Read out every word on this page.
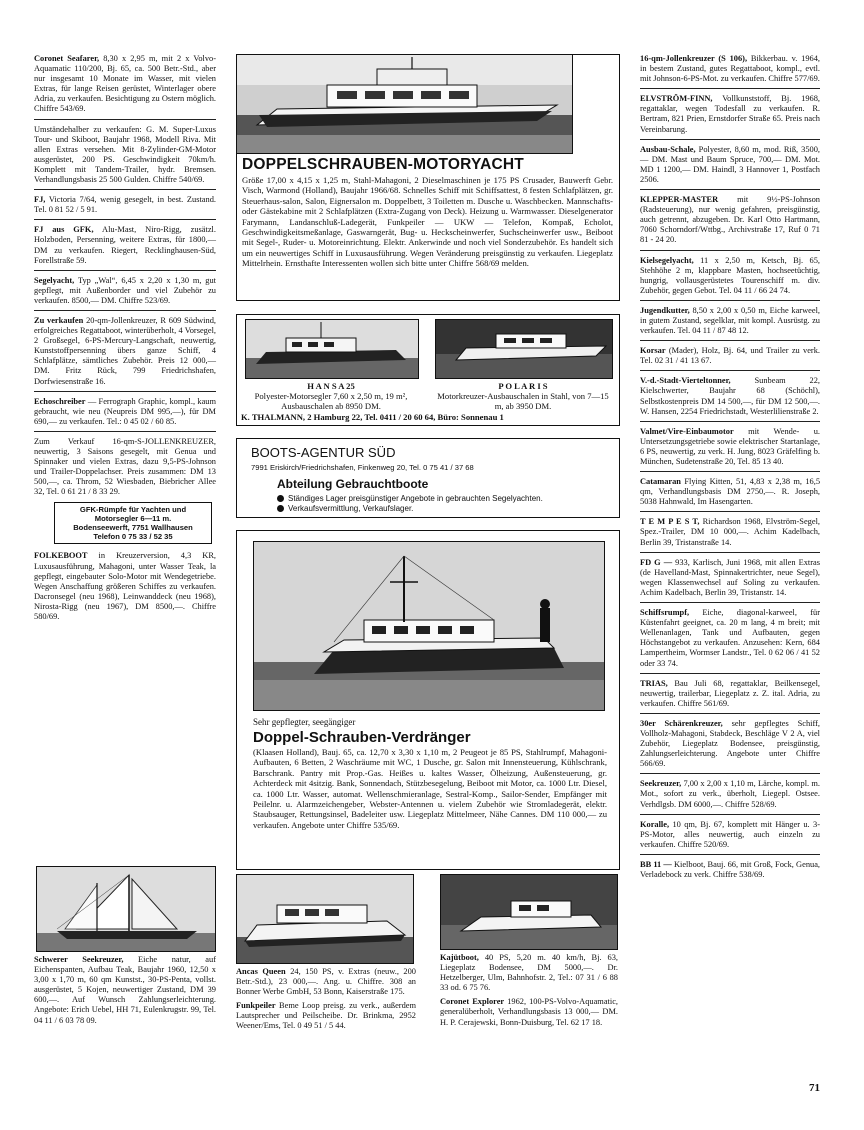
Coronet Seafarer, 8,30 x 2,95 m, mit 2 x Volvo-Aquamatic 110/200, Bj. 65, ca. 500 Betr.-Std., aber nur insgesamt 10 Monate im Wasser, mit vielen Extras, für lange Reisen gerüstet, Winterlager obere Adria, zu verkaufen. Besichtigung zu Ostern möglich. Chiffre 543/69.
Umständehalber zu verkaufen: G. M. Super-Luxus Tour- und Skiboot, Baujahr 1968, Modell Riva. Mit allen Extras versehen. Mit 8-Zylinder-GM-Motor ausgerüstet, 200 PS. Geschwindigkeit 70km/h. Komplett mit Tandem-Trailer, hydr. Bremsen. Verhandlungsbasis 25 500 Gulden. Chiffre 540/69.
FJ, Victoria 7/64, wenig gesegelt, in best. Zustand. Tel. 0 81 52 / 5 91.
FJ aus GFK, Alu-Mast, Niro-Rigg, zusätzl. Holzboden, Persenning, weitere Extras, für 1800,— DM zu verkaufen. Riegert, Recklinghausen-Süd, Forellstraße 59.
Segelyacht, Typ „Wal“, 6,45 x 2,20 x 1,30 m, gut gepflegt, mit Außenborder und viel Zubehör zu verkaufen. 8500,— DM. Chiffre 523/69.
Zu verkaufen 20-qm-Jollenkreuzer, R 609 Südwind, erfolgreiches Regattaboot, winterüberholt, 4 Vorsegel, 2 Großsegel, 6-PS-Mercury-Langschaft, neuwertig, Kunststoffpersenning übers ganze Schiff, 4 Schlafplätze, sämtliches Zubehör. Preis 12 000,— DM. Fritz Rück, 799 Friedrichshafen, Dorfwiesenstraße 16.
Echoschreiber — Ferrograph Graphic, kompl., kaum gebraucht, wie neu (Neupreis DM 995,—), für DM 690,— zu verkaufen. Tel.: 0 45 02 / 60 85.
Zum Verkauf 16-qm-S-JOLLENKREUZER, neuwertig, 3 Saisons gesegelt, mit Genua und Spinnaker und vielen Extras, dazu 9,5-PS-Johnson und Trailer-Doppelachser. Preis zusammen: DM 13 500,—, ca. Throm, 52 Wiesbaden, Biebricher Allee 32, Tel. 0 61 21 / 8 33 29.
GFK-Rümpfe für Yachten und
Motorsegler 6—11 m.
Bodenseewerft, 7751 Wallhausen
Telefon 0 75 33 / 52 35
FOLKEBOOT in Kreuzerversion, 4,3 KR, Luxusausführung, Mahagoni, unter Wasser Teak, la gepflegt, eingebauter Solo-Motor mit Wendegetriebe. Wegen Anschaffung größeren Schiffes zu verkaufen. Dacronsegel (neu 1968), Leinwanddeck (neu 1968), Nirosta-Rigg (neu 1967), DM 8500,—. Chiffre 580/69.
Schwerer Seekreuzer, Eiche natur, auf Eichenspanten, Aufbau Teak, Baujahr 1960, 12,50 x 3,00 x 1,70 m, 60 qm Kunstst., 30-PS-Penta, vollst. ausgerüstet, 5 Kojen, neuwertiger Zustand, DM 39 600,—. Auf Wunsch Zahlungserleichterung. Angebote: Erich Uebel, HH 71, Eulenkrugstr. 99, Tel. 04 11 / 6 03 78 09.
DOPPELSCHRAUBEN-MOTORYACHT
Größe 17,00 x 4,15 x 1,25 m, Stahl-Mahagoni, 2 Dieselmaschinen je 175 PS Crusader, Bauwerft Gebr. Visch, Warmond (Holland), Baujahr 1966/68. Schnelles Schiff mit Schiffsattest, 8 festen Schlafplätzen, gr. Steuerhaus-salon, Salon, Eignersalon m. Doppelbett, 3 Toiletten m. Dusche u. Waschbecken. Mannschafts- oder Gästekabine mit 2 Schlafplätzen (Extra-Zugang von Deck). Heizung u. Warmwasser. Dieselgenerator Farymann, Landanschluß-Ladegerät, Funkpeiler — UKW — Telefon, Kompaß, Echolot, Geschwindigkeitsmeßanlage, Gaswarngerät, Bug- u. Heckscheinwerfer, Suchscheinwerfer usw., Beiboot mit Segel-, Ruder- u. Motoreinrichtung. Elektr. Ankerwinde und noch viel Sonderzubehör. Es handelt sich um ein neuwertiges Schiff in Luxusausführung. Wegen Veränderung preisgünstig zu verkaufen. Liegeplatz Mittelrhein. Ernsthafte Interessenten wollen sich bitte unter Chiffre 568/69 melden.
H A N S A 25
Polyester-Motorsegler 7,60 x 2,50 m, 19 m², Ausbauschalen ab 8950 DM.
P O L A R I S
Motorkreuzer-Ausbauschalen in Stahl, von 7—15 m, ab 3950 DM.
K. THALMANN, 2 Hamburg 22, Tel. 0411 / 20 60 64, Büro: Sonnenau 1
BOOTS-AGENTUR SÜD
7991 Eriskirch/Friedrichshafen, Finkenweg 20, Tel. 0 75 41 / 37 68
Abteilung Gebrauchtboote
Ständiges Lager preisgünstiger Angebote in gebrauchten Segelyachten.
Verkaufsvermittlung, Verkaufslager.
Sehr gepflegter, seegängiger
Doppel-Schrauben-Verdränger
(Klaasen Holland), Bauj. 65, ca. 12,70 x 3,30 x 1,10 m, 2 Peugeot je 85 PS, Stahlrumpf, Mahagoni-Aufbauten, 6 Betten, 2 Waschräume mit WC, 1 Dusche, gr. Salon mit Innensteuerung, Kühlschrank, Barschrank. Pantry mit Prop.-Gas. Heißes u. kaltes Wasser, Ölheizung, Außensteuerung, gr. Achterdeck mit 4sitzig. Bank, Sonnendach, Stützbesegelung, Beiboot mit Motor, ca. 1000 Ltr. Diesel, ca. 1000 Ltr. Wasser, automat. Wellenschmieranlage, Sestral-Komp., Sailor-Sender, Empfänger mit Peilelnr. u. Alarmzeichengeber, Webster-Antennen u. vielem Zubehör wie Stromladegerät, elektr. Staubsauger, Rettungsinsel, Badeleiter usw. Liegeplatz Mittelmeer, Nähe Cannes. DM 110 000,— zu verkaufen. Angebote unter Chiffre 535/69.
Ancas Queen 24, 150 PS, v. Extras (neuw., 200 Betr.-Std.), 23 000,—. Ang. u. Chiffre. 308 an Bonner Werbe GmbH, 53 Bonn, Kaiserstraße 175.
Funkpeiler Beme Loop preisg. zu verk., außerdem Lautsprecher und Peilscheibe. Dr. Brinkma, 2952 Weener/Ems, Tel. 0 49 51 / 5 44.
Kajütboot, 40 PS, 5,20 m. 40 km/h, Bj. 63, Liegeplatz Bodensee, DM 5000,—. Dr. Hetzelberger, Ulm, Bahnhofstr. 2, Tel.: 07 31 / 6 88 33 od. 6 75 76.
Coronet Explorer 1962, 100-PS-Volvo-Aquamatic, generalüberholt, Verhandlungsbasis 13 000,— DM. H. P. Cerajewski, Bonn-Duisburg, Tel. 62 17 18.
16-qm-Jollenkreuzer (S 106), Bikkerbau. v. 1964, in bestem Zustand, gutes Regattaboot, kompl., evtl. mit Johnson-6-PS-Mot. zu verkaufen. Chiffre 577/69.
ELVSTRÖM-FINN, Vollkunststoff, Bj. 1968, regattaklar, wegen Todesfall zu verkaufen. R. Bertram, 821 Prien, Ernstdorfer Straße 65. Preis nach Vereinbarung.
Ausbau-Schale, Polyester, 8,60 m, mod. Riß, 3500,— DM. Mast und Baum Spruce, 700,— DM. Mot. MD 1 1200,— DM. Haindl, 3 Hannover 1, Postfach 2506.
KLEPPER-MASTER mit 9½-PS-Johnson (Radsteuerung), nur wenig gefahren, preisgünstig, auch getrennt, abzugeben. Dr. Karl Otto Hartmann, 7060 Schorndorf/Wttbg., Archivstraße 17, Ruf 0 71 81 - 24 20.
Kielsegelyacht, 11 x 2,50 m, Ketsch, Bj. 65, Stehhöhe 2 m, klappbare Masten, hochseetüchtig, hungrig, vollausgerüstetes Tourenschiff m. div. Zubehör, gegen Gebot. Tel. 04 11 / 66 24 74.
Jugendkutter, 8,50 x 2,00 x 0,50 m, Eiche karweel, in gutem Zustand, segelklar, mit kompl. Ausrüstg. zu verkaufen. Tel. 04 11 / 87 48 12.
Korsar (Mader), Holz, Bj. 64, und Trailer zu verk. Tel. 02 31 / 41 13 67.
V.-d.-Stadt-Vierteltonner,	Sunbeam 22, Kielschwerter, Baujahr 68 (Schöchl), Selbstkostenpreis DM 14 500,—, für DM 12 500,—. W. Hansen, 2254 Friedrichstadt, Westerlilienstraße 2.
Valmet/Vire-Einbaumotor mit Wende- u. Untersetzungsgetriebe sowie elektrischer Startanlage, 6 PS, neuwertig, zu verk. H. Jung, 8023 Gräfelfing b. München, Sudetenstraße 20, Tel. 85 13 40.
Catamaran Flying Kitten, 51, 4,83 x 2,38 m, 16,5 qm, Verhandlungsbasis DM 2750,—. R. Joseph, 5038 Hahnwald, Im Hasengarten.
T E M P E S T, Richardson 1968, Elvström-Segel, Spez.-Trailer, DM 10 000,—. Achim Kadelbach, Berlin 39, Tristanstraße 14.
FD G — 933, Karlisch, Juni 1968, mit allen Extras (de Havelland-Mast, Spinnakertrichter, neue Segel), wegen Klassenwechsel auf Soling zu verkaufen. Achim Kadelbach, Berlin 39, Tristanstr. 14.
Schiffsrumpf, Eiche, diagonal-karweel, für Küstenfahrt geeignet, ca. 20 m lang, 4 m breit; mit Wellenanlagen, Tank und Aufbauten, gegen Höchstangebot zu verkaufen. Anzusehen: Kern, 684 Lampertheim, Wormser Landstr., Tel. 0 62 06 / 41 52 oder 33 74.
TRIAS, Bau Juli 68, regattaklar, Beilkensegel, neuwertig, trailerbar, Liegeplatz z. Z. ital. Adria, zu verkaufen. Chiffre 561/69.
30er Schärenkreuzer, sehr gepflegtes Schiff, Vollholz-Mahagoni, Stabdeck, Beschläge V 2 A, viel Zubehör, Liegeplatz Bodensee, preisgünstig, Zahlungserleichterung. Angebote unter Chiffre 566/69.
Seekreuzer, 7,00 x 2,00 x 1,10 m, Lärche, kompl. m. Mot., sofort zu verk., überholt, Liegepl. Ostsee. Verhdlgsb. DM 6000,—. Chiffre 528/69.
Koralle, 10 qm, Bj. 67, komplett mit Hänger u. 3-PS-Motor, alles neuwertig, auch einzeln zu verkaufen. Chiffre 520/69.
BB 11 — Kielboot, Bauj. 66, mit Groß, Fock, Genua, Verladebock zu verk. Chiffre 538/69.
71
